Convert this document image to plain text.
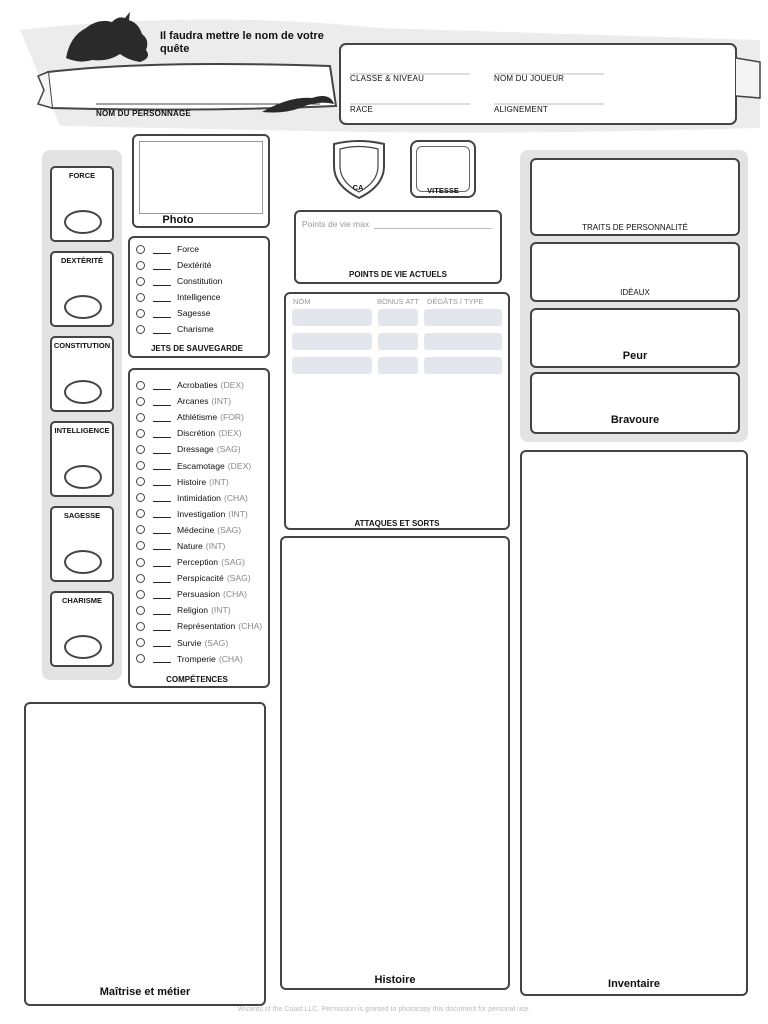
Il faudra mettre le nom de votre quête
NOM DU PERSONNAGE
CLASSE & NIVEAU	NOM DU JOUEUR
RACE	ALIGNEMENT
FORCE
DEXTÉRITÉ
CONSTITUTION
INTELLIGENCE
SAGESSE
CHARISME
Photo
Force
Dextérité
Constitution
Intelligence
Sagesse
Charisme
JETS DE SAUVEGARDE
Acrobaties (DEX)
Arcanes (INT)
Athlétisme (FOR)
Discrétion (DEX)
Dressage (SAG)
Escamotage (DEX)
Histoire (INT)
Intimidation (CHA)
Investigation (INT)
Médecine (SAG)
Nature (INT)
Perception (SAG)
Perspicacité (SAG)
Persuasion (CHA)
Religion (INT)
Représentation (CHA)
Survie (SAG)
Tromperie (CHA)
COMPÉTENCES
CA	VITESSE
Points de vie max
POINTS DE VIE ACTUELS
NOM	BONUS ATT DÉGÂTS / TYPE
ATTAQUES ET SORTS
TRAITS DE PERSONNALITÉ
IDÉAUX
Peur
Bravoure
Maîtrise et métier
Histoire	Inventaire
Wizards of the Coast LLC. Permission is granted to photocopy this document for personal use.
